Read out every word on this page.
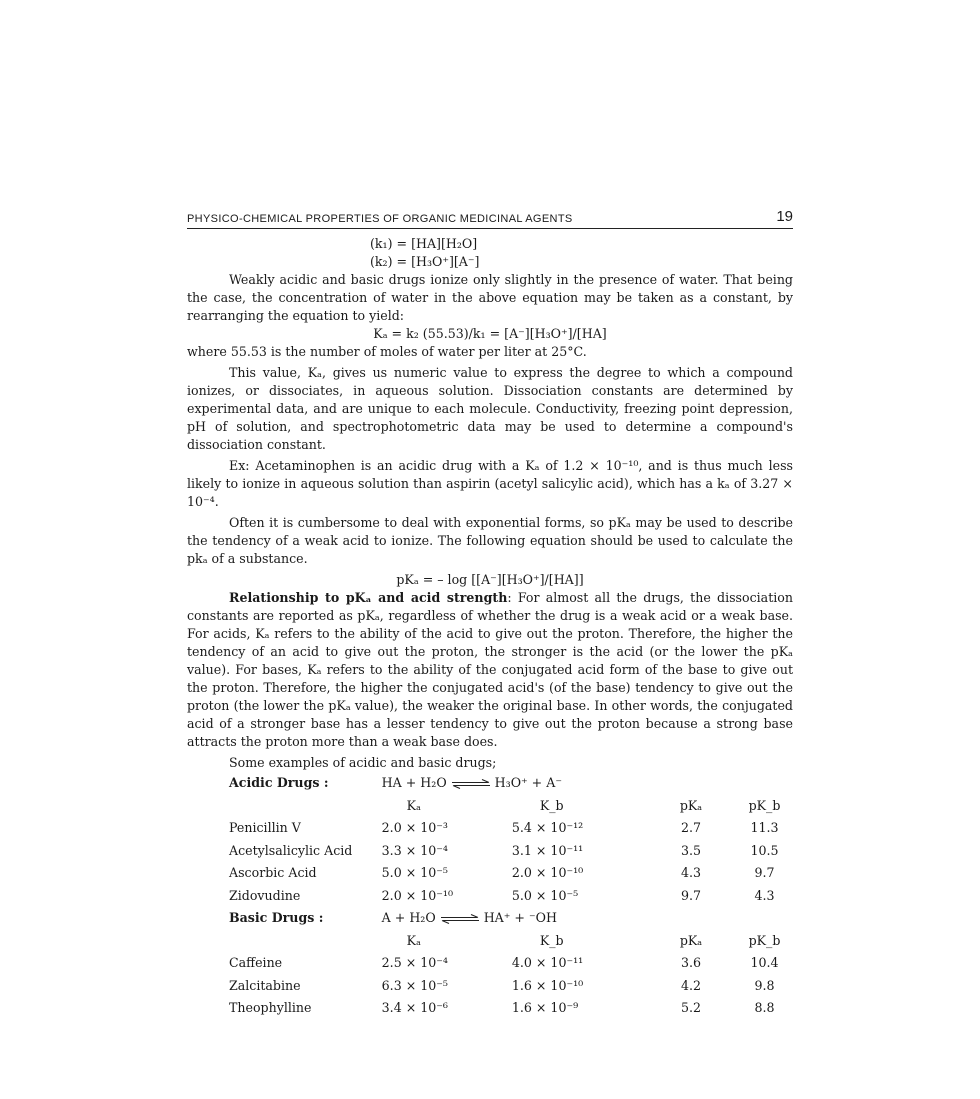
PHYSICO-CHEMICAL PROPERTIES OF ORGANIC MEDICINAL AGENTS	19
(k₁) = [HA][H₂O]
(k₂) = [H₃O⁺][A⁻]

Weakly acidic and basic drugs ionize only slightly in the presence of water. That being the case, the concentration of water in the above equation may be taken as a constant, by rearranging the equation to yield:

Kₐ = k₂ (55.53)/k₁ = [A⁻][H₃O⁺]/[HA]

where 55.53 is the number of moles of water per liter at 25°C.

This value, Kₐ, gives us numeric value to express the degree to which a compound ionizes, or dissociates, in aqueous solution. Dissociation constants are determined by experimental data, and are unique to each molecule. Conductivity, freezing point depression, pH of solution, and spectrophotometric data may be used to determine a compound's dissociation constant.

Ex: Acetaminophen is an acidic drug with a Kₐ of 1.2 × 10⁻¹⁰, and is thus much less likely to ionize in aqueous solution than aspirin (acetyl salicylic acid), which has a kₐ of 3.27 × 10⁻⁴.

Often it is cumbersome to deal with exponential forms, so pKₐ may be used to describe the tendency of a weak acid to ionize. The following equation should be used to calculate the pkₐ of a substance.

pKₐ = – log [[A⁻][H₃O⁺]/[HA]]

Relationship to pKₐ and acid strength: For almost all the drugs, the dissociation constants are reported as pKₐ, regardless of whether the drug is a weak acid or a weak base. For acids, Kₐ refers to the ability of the acid to give out the proton. Therefore, the higher the tendency of an acid to give out the proton, the stronger is the acid (or the lower the pKₐ value). For bases, Kₐ refers to the ability of the conjugated acid form of the base to give out the proton. Therefore, the higher the conjugated acid's (of the base) tendency to give out the proton (the lower the pKₐ value), the weaker the original base. In other words, the conjugated acid of a stronger base has a lesser tendency to give out the proton because a strong base attracts the proton more than a weak base does.

Some examples of acidic and basic drugs;

Acidic Drugs :	HA + H₂O ⇌ H₃O⁺ + A⁻			
	Kₐ	K_b	pKₐ	pK_b
Penicillin V	2.0 × 10⁻³	5.4 × 10⁻¹²	2.7	11.3
Acetylsalicylic Acid	3.3 × 10⁻⁴	3.1 × 10⁻¹¹	3.5	10.5
Ascorbic Acid	5.0 × 10⁻⁵	2.0 × 10⁻¹⁰	4.3	9.7
Zidovudine	2.0 × 10⁻¹⁰	5.0 × 10⁻⁵	9.7	4.3
Basic Drugs :	A + H₂O ⇌ HA⁺ + ⁻OH			
	Kₐ	K_b	pKₐ	pK_b
Caffeine	2.5 × 10⁻⁴	4.0 × 10⁻¹¹	3.6	10.4
Zalcitabine	6.3 × 10⁻⁵	1.6 × 10⁻¹⁰	4.2	9.8
Theophylline	3.4 × 10⁻⁶	1.6 × 10⁻⁹	5.2	8.8
